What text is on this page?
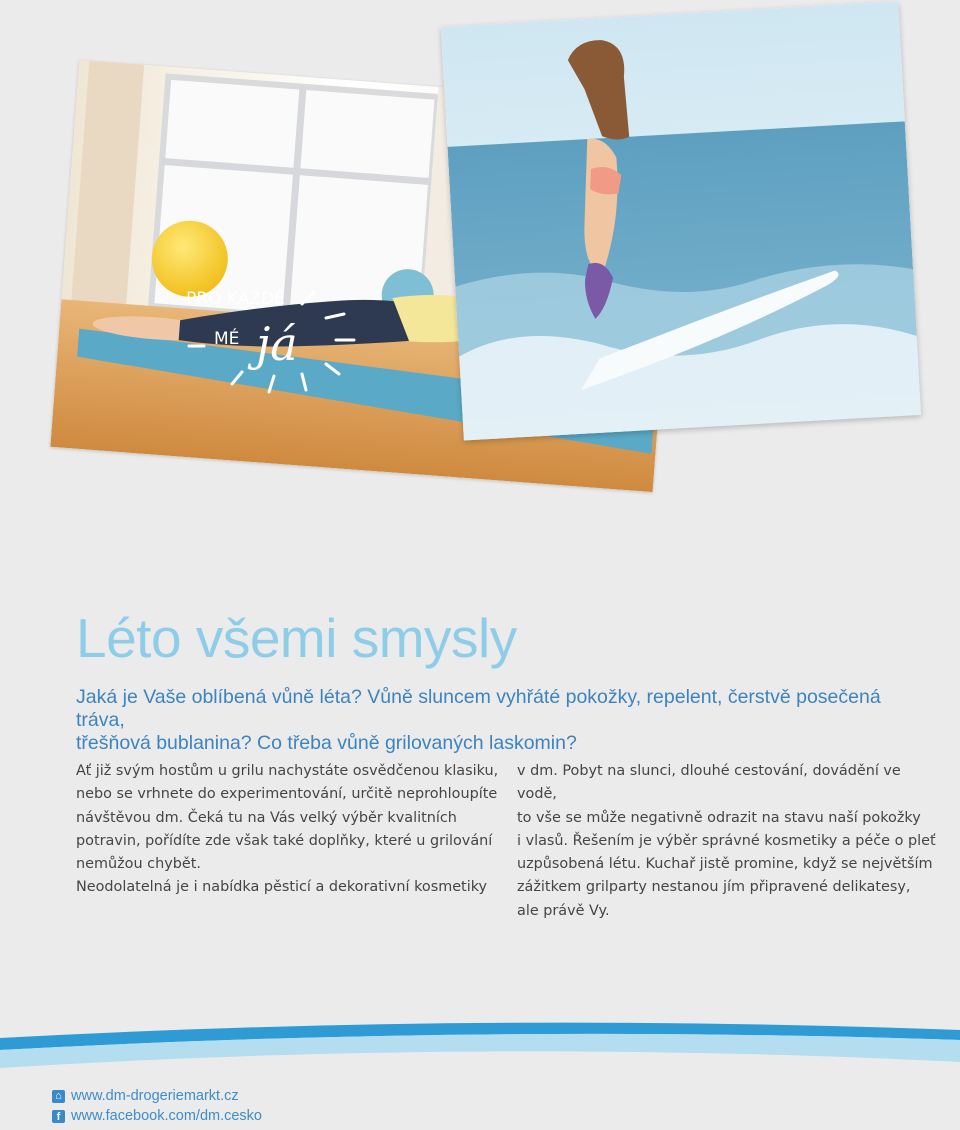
PRO KAŽDÉ
MÉ já
Léto všemi smysly

Jaká je Vaše oblíbená vůně léta? Vůně sluncem vyhřáté pokožky, repelent, čerstvě posečená tráva,
třešňová bublanina? Co třeba vůně grilovaných laskomin?

Ať již svým hostům u grilu nachystáte osvědčenou klasiku,
nebo se vrhnete do experimentování, určitě neprohloupíte
návštěvou dm. Čeká tu na Vás velký výběr kvalitních
potravin, pořídíte zde však také doplňky, které u grilování
nemůžou chybět.
Neodolatelná je i nabídka pěsticí a dekorativní kosmetiky

v dm. Pobyt na slunci, dlouhé cestování, dovádění ve vodě,
to vše se může negativně odrazit na stavu naší pokožky
i vlasů. Řešením je výběr správné kosmetiky a péče o pleť
uzpůsobená létu. Kuchař jistě promine, když se největším
zážitkem grilparty nestanou jím připravené delikatesy,
ale právě Vy.

⌂ www.dm-drogeriemarkt.cz
f www.facebook.com/dm.cesko
